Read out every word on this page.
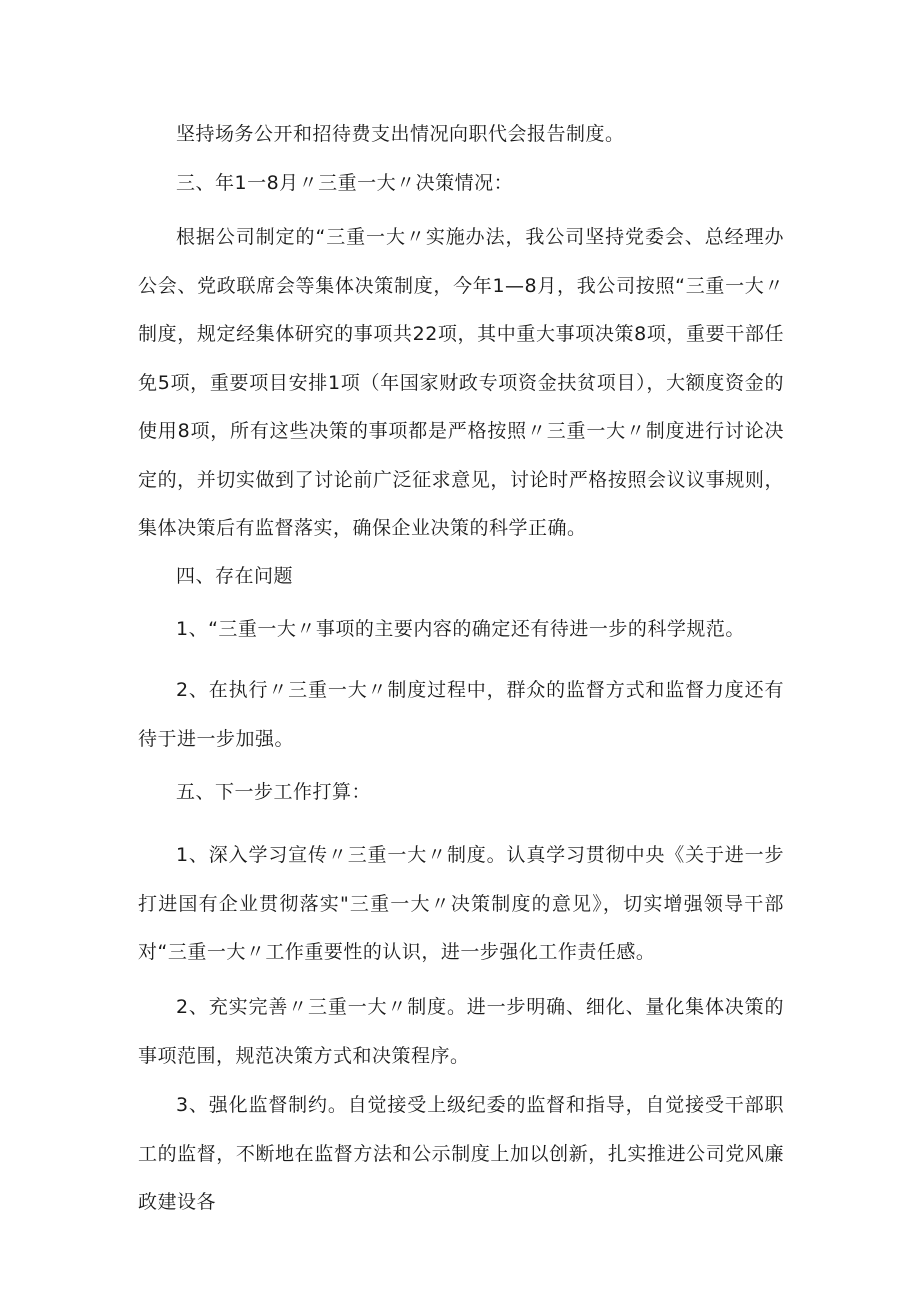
坚持场务公开和招待费支出情况向职代会报告制度。

三、年1一8月〃三重一大〃决策情况：

根据公司制定的“三重一大〃实施办法，我公司坚持党委会、总经理办公会、党政联席会等集体决策制度，今年1—8月，我公司按照“三重一大〃制度，规定经集体研究的事项共22项，其中重大事项决策8项，重要干部任免5项，重要项目安排1项（年国家财政专项资金扶贫项目），大额度资金的使用8项，所有这些决策的事项都是严格按照〃三重一大〃制度进行讨论决定的，并切实做到了讨论前广泛征求意见，讨论时严格按照会议议事规则，集体决策后有监督落实，确保企业决策的科学正确。

四、存在问题

1、“三重一大〃事项的主要内容的确定还有待进一步的科学规范。

2、在执行〃三重一大〃制度过程中，群众的监督方式和监督力度还有待于进一步加强。

五、下一步工作打算：

1、深入学习宣传〃三重一大〃制度。认真学习贯彻中央《关于进一步打进国有企业贯彻落实"三重一大〃决策制度的意见》，切实增强领导干部对“三重一大〃工作重要性的认识，进一步强化工作责任感。

2、充实完善〃三重一大〃制度。进一步明确、细化、量化集体决策的事项范围，规范决策方式和决策程序。

3、强化监督制约。自觉接受上级纪委的监督和指导，自觉接受干部职工的监督，不断地在监督方法和公示制度上加以创新，扎实推进公司党风廉政建设各
